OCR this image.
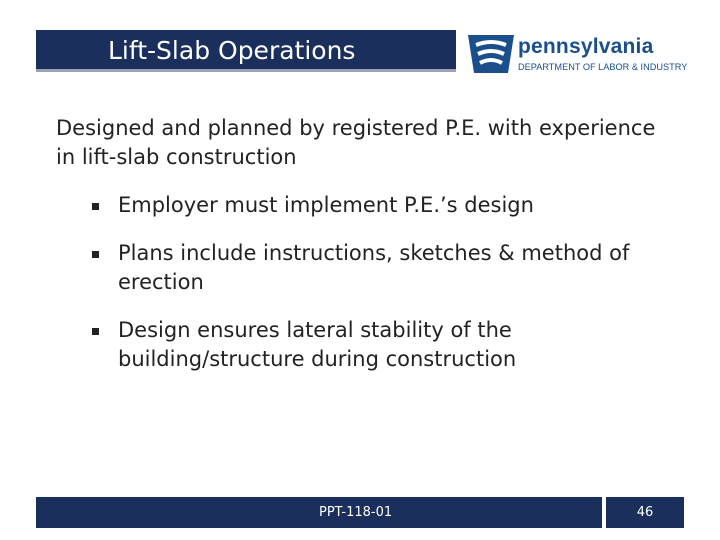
Lift-Slab Operations	pennsylvania
DEPARTMENT OF LABOR & INDUSTRY
Designed and planned by registered P.E. with experience in lift-slab construction
Employer must implement P.E.’s design
Plans include instructions, sketches & method of erection
Design ensures lateral stability of the building/structure during construction
PPT-118-01	46
